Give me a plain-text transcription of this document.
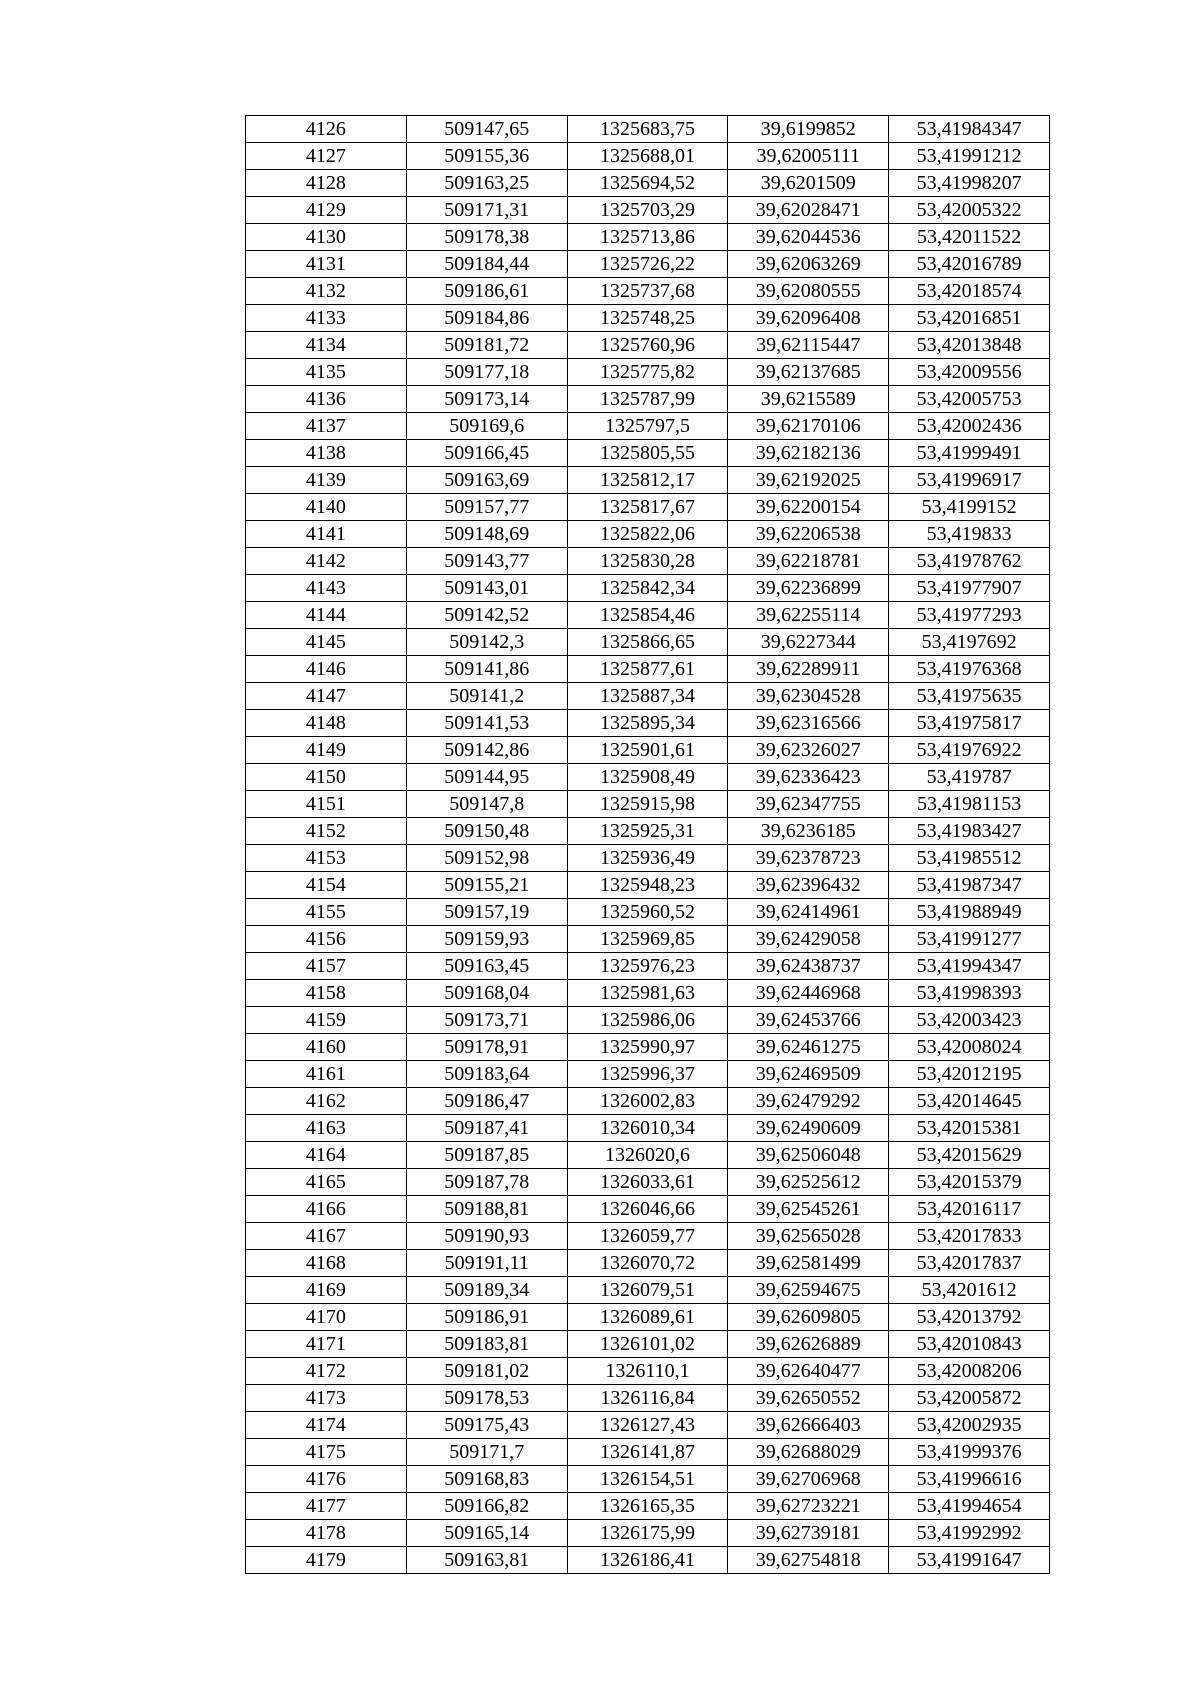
4126	509147,65	1325683,75	39,6199852	53,41984347
4127	509155,36	1325688,01	39,62005111	53,41991212
4128	509163,25	1325694,52	39,6201509	53,41998207
4129	509171,31	1325703,29	39,62028471	53,42005322
4130	509178,38	1325713,86	39,62044536	53,42011522
4131	509184,44	1325726,22	39,62063269	53,42016789
4132	509186,61	1325737,68	39,62080555	53,42018574
4133	509184,86	1325748,25	39,62096408	53,42016851
4134	509181,72	1325760,96	39,62115447	53,42013848
4135	509177,18	1325775,82	39,62137685	53,42009556
4136	509173,14	1325787,99	39,6215589	53,42005753
4137	509169,6	1325797,5	39,62170106	53,42002436
4138	509166,45	1325805,55	39,62182136	53,41999491
4139	509163,69	1325812,17	39,62192025	53,41996917
4140	509157,77	1325817,67	39,62200154	53,4199152
4141	509148,69	1325822,06	39,62206538	53,419833
4142	509143,77	1325830,28	39,62218781	53,41978762
4143	509143,01	1325842,34	39,62236899	53,41977907
4144	509142,52	1325854,46	39,62255114	53,41977293
4145	509142,3	1325866,65	39,6227344	53,4197692
4146	509141,86	1325877,61	39,62289911	53,41976368
4147	509141,2	1325887,34	39,62304528	53,41975635
4148	509141,53	1325895,34	39,62316566	53,41975817
4149	509142,86	1325901,61	39,62326027	53,41976922
4150	509144,95	1325908,49	39,62336423	53,419787
4151	509147,8	1325915,98	39,62347755	53,41981153
4152	509150,48	1325925,31	39,6236185	53,41983427
4153	509152,98	1325936,49	39,62378723	53,41985512
4154	509155,21	1325948,23	39,62396432	53,41987347
4155	509157,19	1325960,52	39,62414961	53,41988949
4156	509159,93	1325969,85	39,62429058	53,41991277
4157	509163,45	1325976,23	39,62438737	53,41994347
4158	509168,04	1325981,63	39,62446968	53,41998393
4159	509173,71	1325986,06	39,62453766	53,42003423
4160	509178,91	1325990,97	39,62461275	53,42008024
4161	509183,64	1325996,37	39,62469509	53,42012195
4162	509186,47	1326002,83	39,62479292	53,42014645
4163	509187,41	1326010,34	39,62490609	53,42015381
4164	509187,85	1326020,6	39,62506048	53,42015629
4165	509187,78	1326033,61	39,62525612	53,42015379
4166	509188,81	1326046,66	39,62545261	53,42016117
4167	509190,93	1326059,77	39,62565028	53,42017833
4168	509191,11	1326070,72	39,62581499	53,42017837
4169	509189,34	1326079,51	39,62594675	53,4201612
4170	509186,91	1326089,61	39,62609805	53,42013792
4171	509183,81	1326101,02	39,62626889	53,42010843
4172	509181,02	1326110,1	39,62640477	53,42008206
4173	509178,53	1326116,84	39,62650552	53,42005872
4174	509175,43	1326127,43	39,62666403	53,42002935
4175	509171,7	1326141,87	39,62688029	53,41999376
4176	509168,83	1326154,51	39,62706968	53,41996616
4177	509166,82	1326165,35	39,62723221	53,41994654
4178	509165,14	1326175,99	39,62739181	53,41992992
4179	509163,81	1326186,41	39,62754818	53,41991647
